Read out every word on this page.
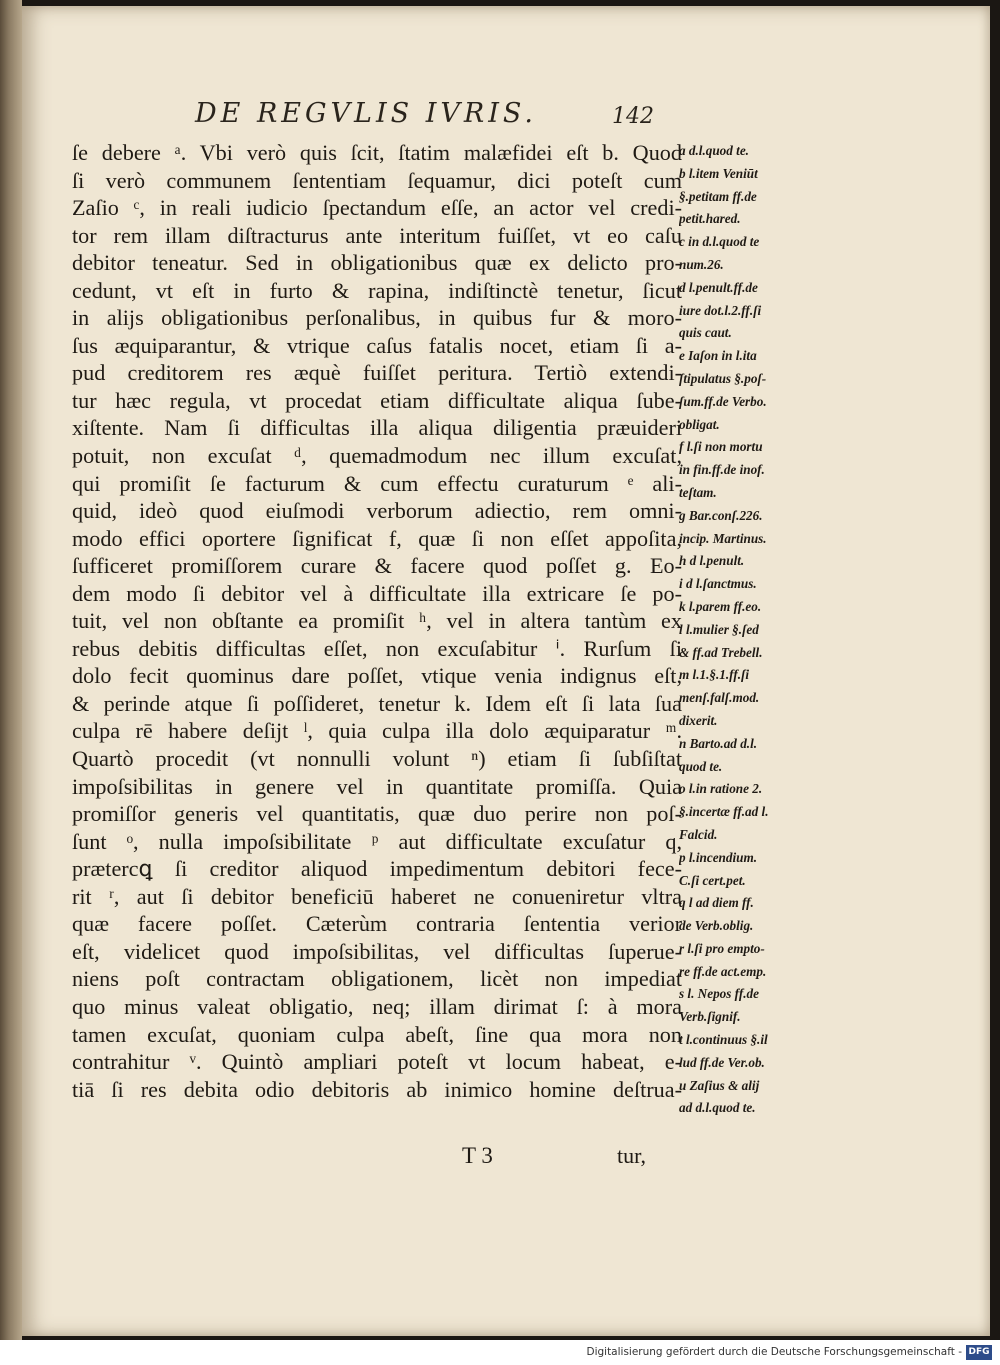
DE REGVLIS IVRIS.	142
ſe debere ᵃ. Vbi verò quis ſcit, ſtatim malæfidei eſt b. Quod
ſi verò communem ſententiam ſequamur, dici poteſt cum
Zaſio ᶜ, in reali iudicio ſpectandum eſſe, an actor vel credi-
tor rem illam diſtracturus ante interitum fuiſſet, vt eo caſu
debitor teneatur. Sed in obligationibus quæ ex delicto pro-
cedunt, vt eſt in furto & rapina, indiſtinctè tenetur, ſicut
in alijs obligationibus perſonalibus, in quibus fur & moro-
ſus æquiparantur, & vtrique caſus fatalis nocet, etiam ſi a-
pud creditorem res æquè fuiſſet peritura. Tertiò extendi-
tur hæc regula, vt procedat etiam difficultate aliqua ſube-
xiſtente. Nam ſi difficultas illa aliqua diligentia præuideri
potuit, non excuſat ᵈ, quemadmodum nec illum excuſat,
qui promiſit ſe facturum & cum effectu curaturum ᵉ ali-
quid, ideò quod eiuſmodi verborum adiectio, rem omni-
modo effici oportere ſignificat f, quæ ſi non eſſet appoſita,
ſufficeret promiſſorem curare & facere quod poſſet g. Eo-
dem modo ſi debitor vel à difficultate illa extricare ſe po-
tuit, vel non obſtante ea promiſit ʰ, vel in altera tantùm ex
rebus debitis difficultas eſſet, non excuſabitur ⁱ. Rurſum ſi
dolo fecit quominus dare poſſet, vtique venia indignus eſt,
& perinde atque ſi poſſideret, tenetur k. Idem eſt ſi lata ſua
culpa rē habere deſijt ˡ, quia culpa illa dolo æquiparatur ᵐ.
Quartò procedit (vt nonnulli volunt ⁿ) etiam ſi ſubſiſtat
impoſsibilitas in genere vel in quantitate promiſſa. Quia
promiſſor generis vel quantitatis, quæ duo perire non poſ-
ſunt ᵒ, nulla impoſsibilitate ᵖ aut difficultate excuſatur q,
prætercꝗ ſi creditor aliquod impedimentum debitori fece-
rit ʳ, aut ſi debitor beneficiū haberet ne conueniretur vltra
quæ facere poſſet. Cæterùm contraria ſententia verior
eſt, videlicet quod impoſsibilitas, vel difficultas ſuperue-
niens poſt contractam obligationem, licèt non impediat
quo minus valeat obligatio, neq; illam dirimat ſ: à mora
tamen excuſat, quoniam culpa abeſt, ſine qua mora non
contrahitur ᵛ. Quintò ampliari poteſt vt locum habeat, e-
tiā ſi res debita odio debitoris ab inimico homine deſtrua-
a d.l.quod te.
b l.item Veniūt
§.petitam ff.de
petit.hared.
c in d.l.quod te
num.26.
d l.penult.ff.de
iure dot.l.2.ff.ſi
quis caut.
e Iaſon in l.ita
ſtipulatus §.poſ-
ſum.ff.de Verbo.
obligat.
f l.ſi non mortu
in fin.ff.de inof.
teſtam.
g Bar.conſ.226.
incip. Martinus.
h d l.penult.
i d l.ſanctmus.
k l.parem ff.eo.
l l.mulier §.ſed
& ff.ad Trebell.
m l.1.§.1.ff.ſi
menſ.falſ.mod.
dixerit.
n Barto.ad d.l.
quod te.
o l.in ratione 2.
§.incertæ ff.ad l.
Falcid.
p l.incendium.
C.ſi cert.pet.
q l ad diem ff.
de Verb.oblig.
r l.ſi pro empto-
re ff.de act.emp.
s l. Nepos ff.de
Verb.ſignif.
t l.continuus §.il
lud ff.de Ver.ob.
u Zaſius & alij
ad d.l.quod te.
T 3	tur,
Digitalisierung gefördert durch die Deutsche Forschungsgemeinschaft - DFG
